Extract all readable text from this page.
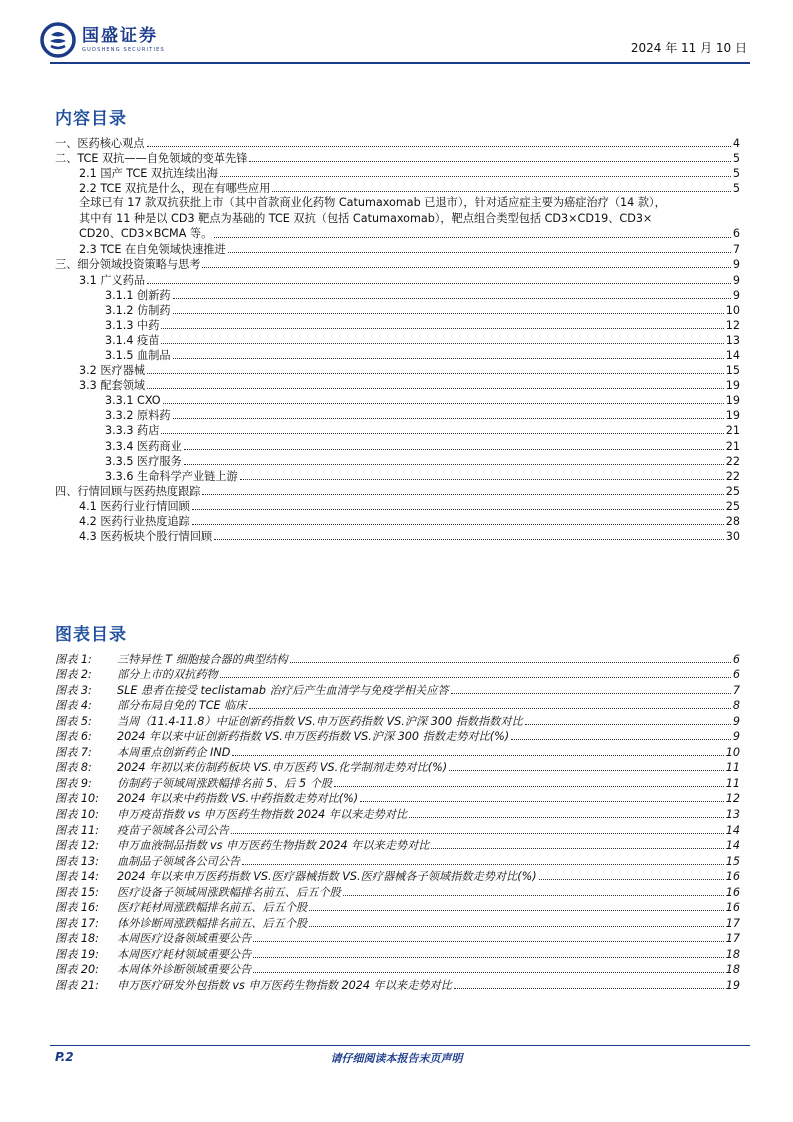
国盛证券
GUOSHENG SECURITIES	2024 年 11 月 10 日
内容目录
一、医药核心观点	4
二、TCE 双抗——自免领域的变革先锋	5
2.1 国产 TCE 双抗连续出海	5
2.2 TCE 双抗是什么，现在有哪些应用	5
全球已有 17 款双抗获批上市（其中首款商业化药物 Catumaxomab 已退市），针对适应症主要为癌症治疗（14 款），
其中有 11 种是以 CD3 靶点为基础的 TCE 双抗（包括 Catumaxomab），靶点组合类型包括 CD3×CD19、CD3×
CD20、CD3×BCMA 等。	6
2.3 TCE 在自免领域快速推进	7
三、细分领域投资策略与思考	9
3.1 广义药品	9
3.1.1 创新药	9
3.1.2 仿制药	10
3.1.3 中药	12
3.1.4 疫苗	13
3.1.5 血制品	14
3.2 医疗器械	15
3.3 配套领域	19
3.3.1 CXO	19
3.3.2 原料药	19
3.3.3 药店	21
3.3.4 医药商业	21
3.3.5 医疗服务	22
3.3.6 生命科学产业链上游	22
四、行情回顾与医药热度跟踪	25
4.1 医药行业行情回顾	25
4.2 医药行业热度追踪	28
4.3 医药板块个股行情回顾	30
图表目录
图表 1:	三特异性 T 细胞接合器的典型结构	6
图表 2:	部分上市的双抗药物	6
图表 3:	SLE 患者在接受 teclistamab 治疗后产生血清学与免疫学相关应答	7
图表 4:	部分布局自免的 TCE 临床	8
图表 5:	当周（11.4-11.8）中证创新药指数 VS.申万医药指数 VS.沪深 300 指数指数对比	9
图表 6:	2024 年以来中证创新药指数 VS.申万医药指数 VS.沪深 300 指数走势对比(%)	9
图表 7:	本周重点创新药企 IND	10
图表 8:	2024 年初以来仿制药板块 VS.申万医药 VS.化学制剂走势对比(%)	11
图表 9:	仿制药子领域周涨跌幅排名前 5、后 5 个股	11
图表 10:	2024 年以来中药指数 VS.中药指数走势对比(%)	12
图表 10:	申万疫苗指数 vs 申万医药生物指数 2024 年以来走势对比	13
图表 11:	疫苗子领域各公司公告	14
图表 12:	申万血液制品指数 vs 申万医药生物指数 2024 年以来走势对比	14
图表 13:	血制品子领域各公司公告	15
图表 14:	2024 年以来申万医药指数 VS.医疗器械指数 VS.医疗器械各子领域指数走势对比(%)	16
图表 15:	医疗设备子领域周涨跌幅排名前五、后五个股	16
图表 16:	医疗耗材周涨跌幅排名前五、后五个股	16
图表 17:	体外诊断周涨跌幅排名前五、后五个股	17
图表 18:	本周医疗设备领域重要公告	17
图表 19:	本周医疗耗材领域重要公告	18
图表 20:	本周体外诊断领域重要公告	18
图表 21:	申万医疗研发外包指数 vs 申万医药生物指数 2024 年以来走势对比	19
P.2	请仔细阅读本报告末页声明
